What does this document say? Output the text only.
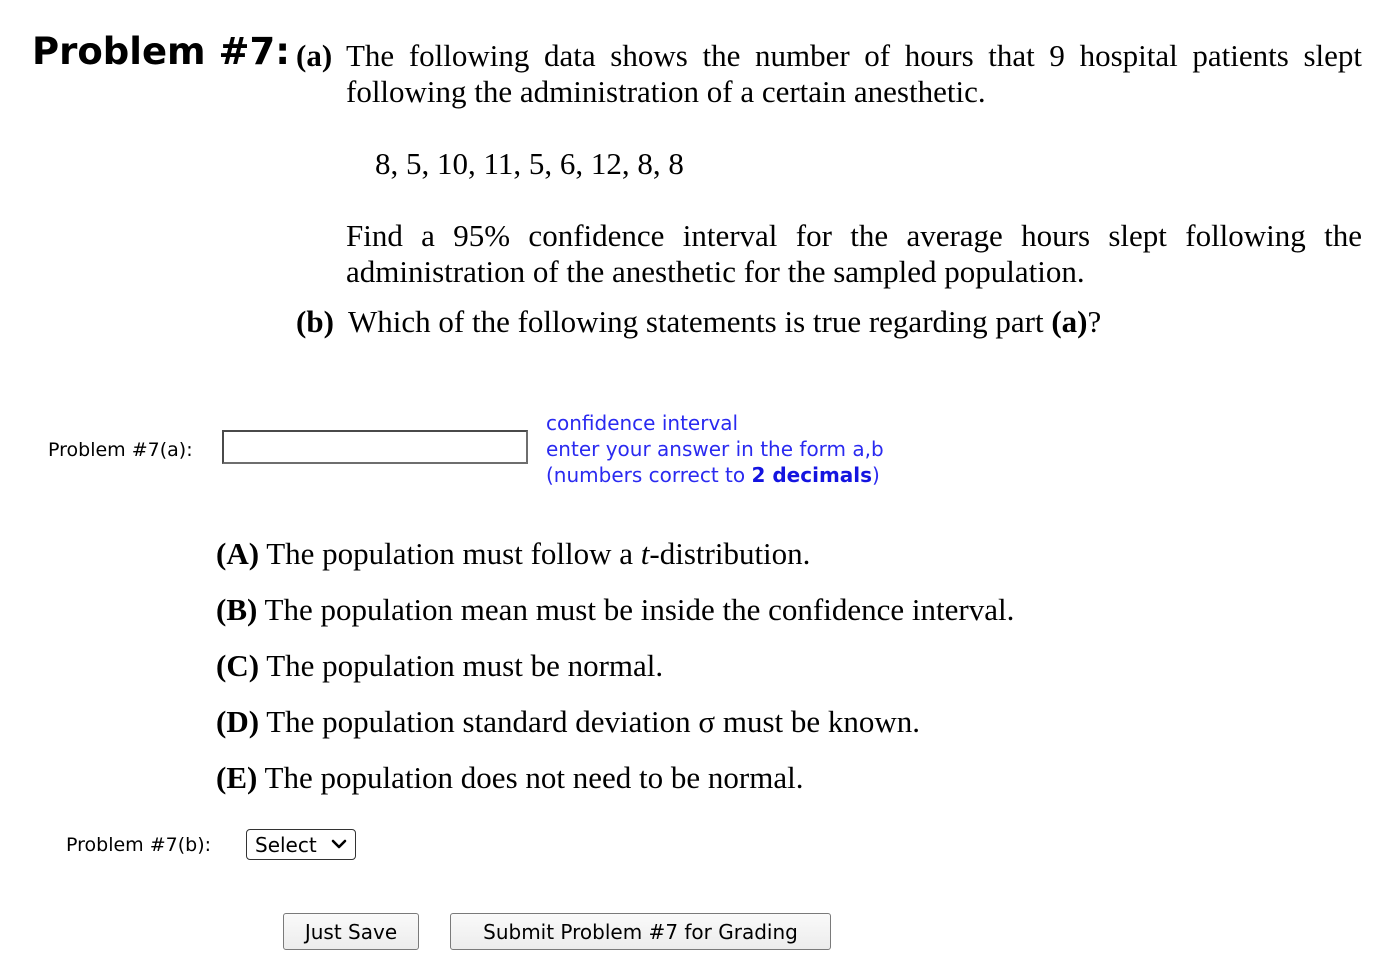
Problem #7: (a) The following data shows the number of hours that 9 hospital patients slept following the administration of a certain anesthetic.
8, 5, 10, 11, 5, 6, 12, 8, 8
Find a 95% confidence interval for the average hours slept following the administration of the anesthetic for the sampled population.
(b) Which of the following statements is true regarding part (a)?
Problem #7(a):
confidence interval
enter your answer in the form a,b
(numbers correct to 2 decimals)
(A) The population must follow a t-distribution.
(B) The population mean must be inside the confidence interval.
(C) The population must be normal.
(D) The population standard deviation σ must be known.
(E) The population does not need to be normal.
Problem #7(b): Select
Just Save	Submit Problem #7 for Grading
